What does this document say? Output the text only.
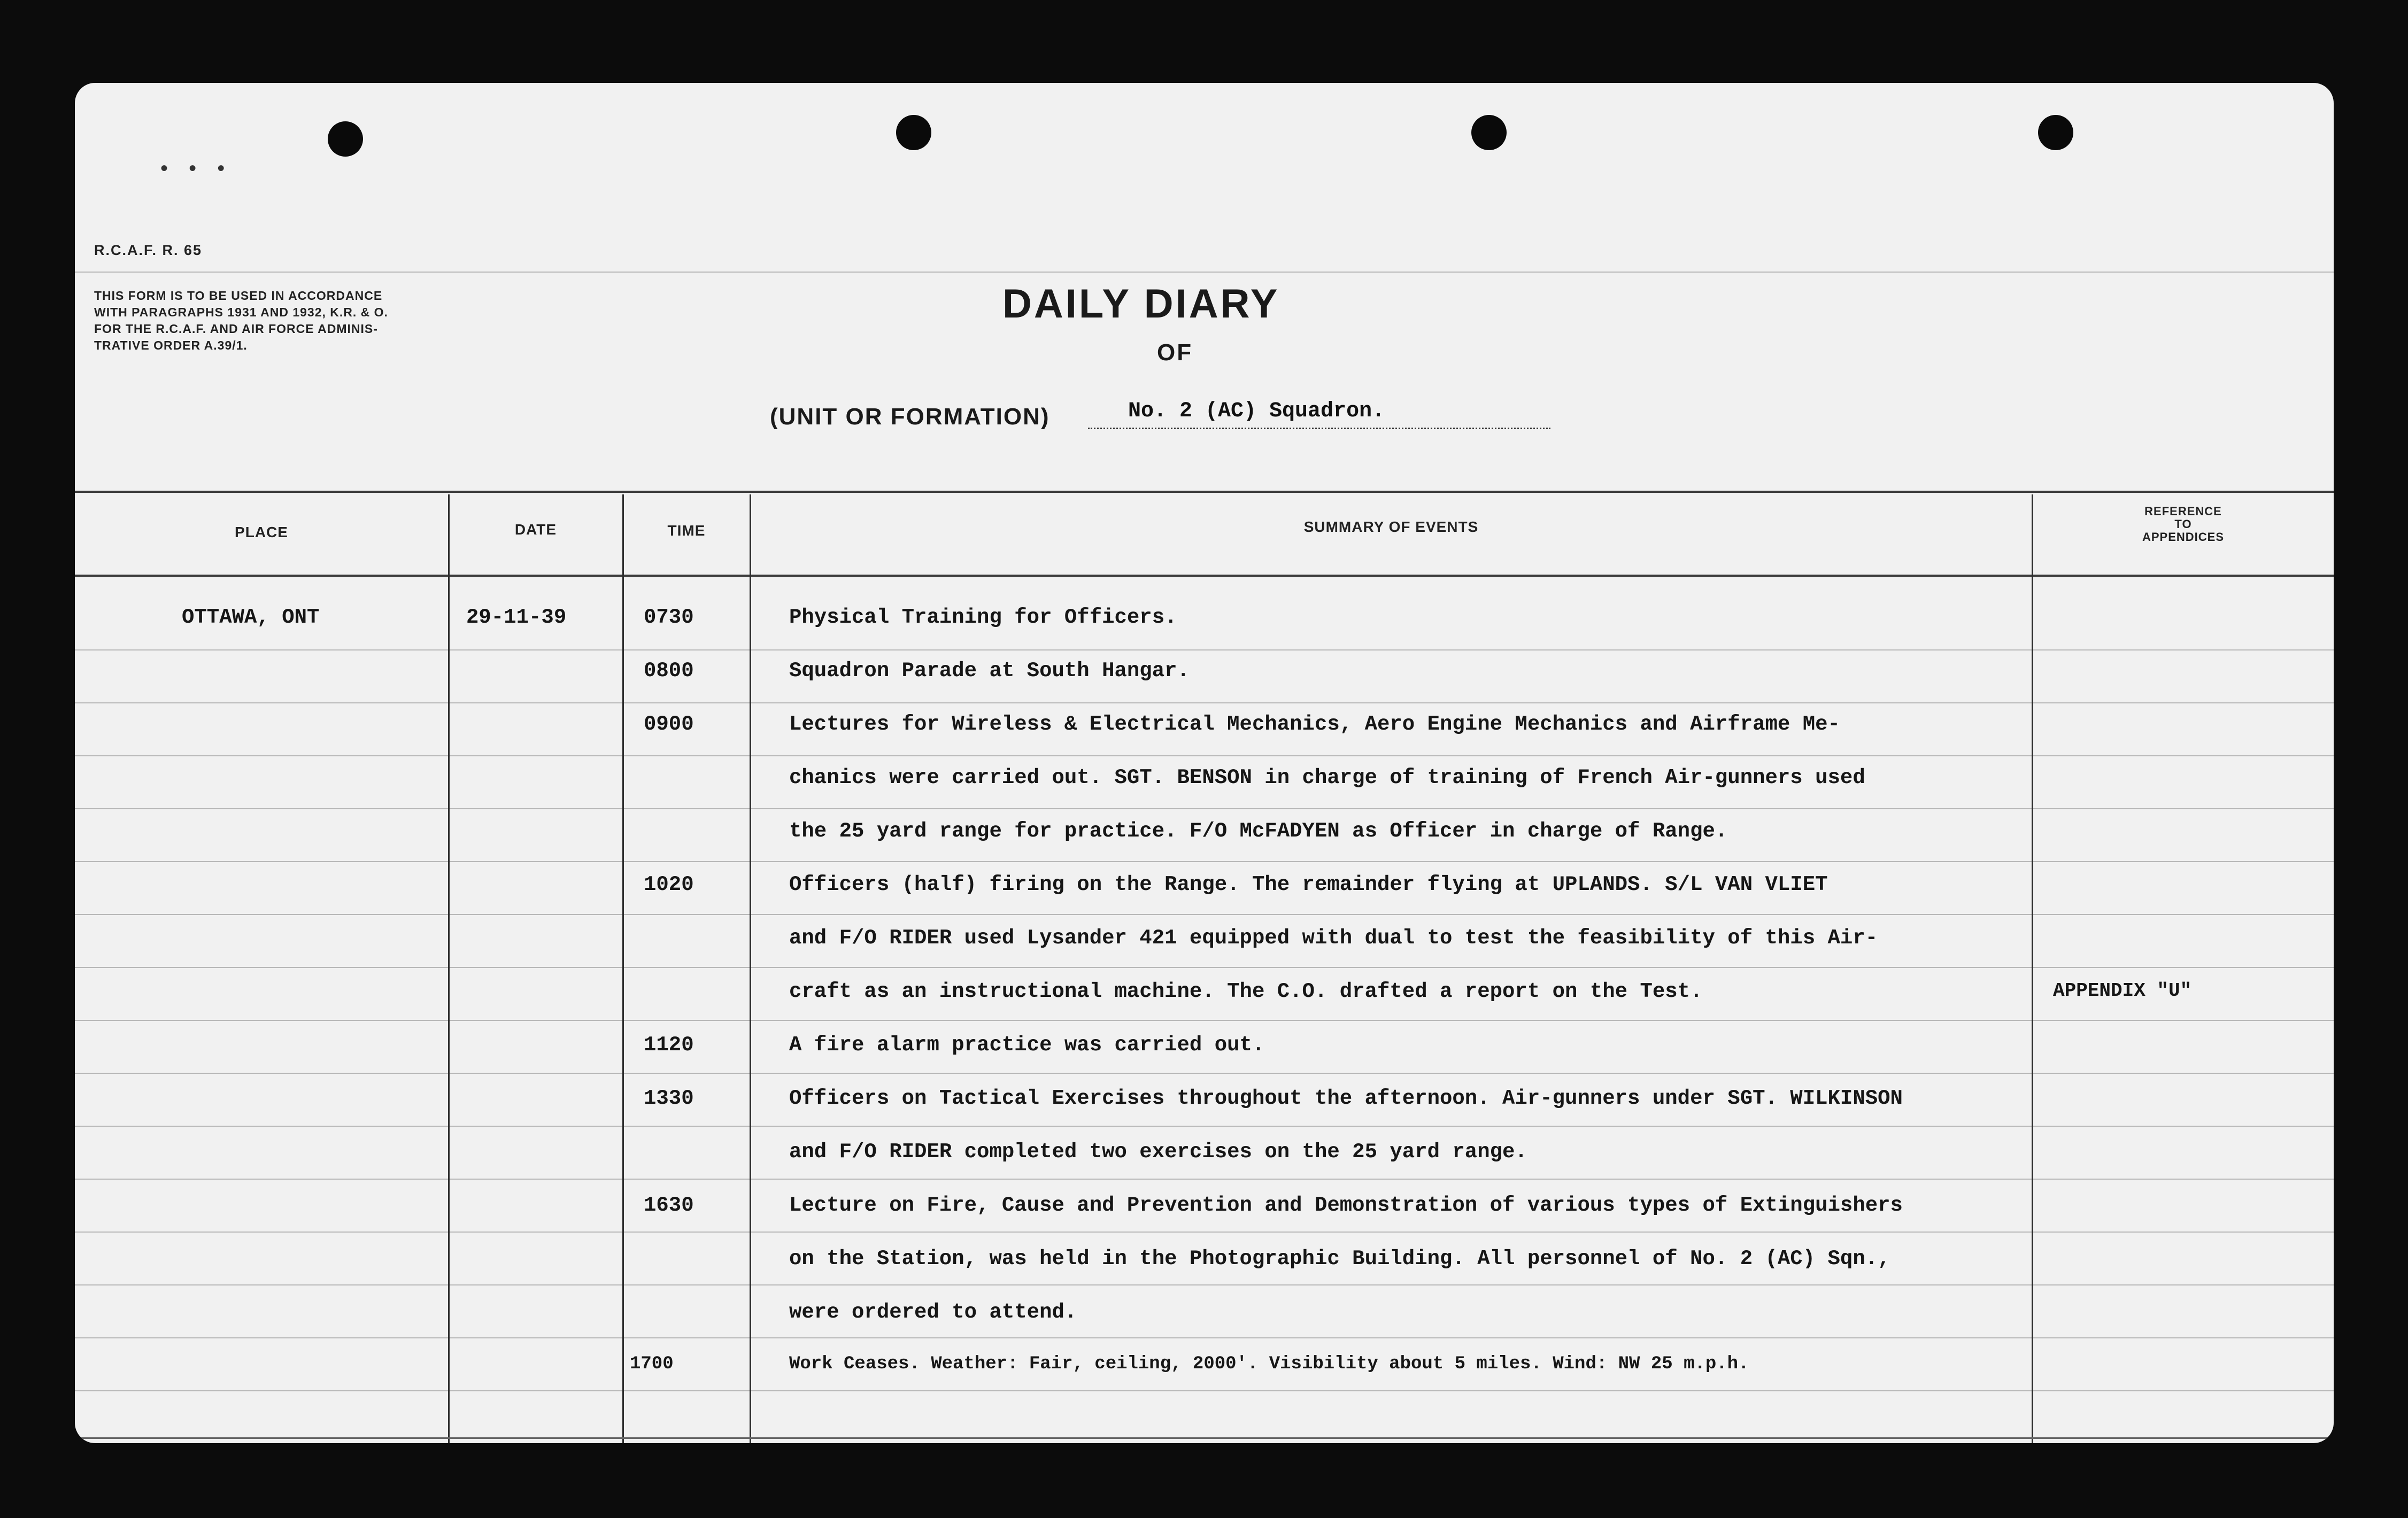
• • •
R.C.A.F. R. 65
THIS FORM IS TO BE USED IN ACCORDANCE
WITH PARAGRAPHS 1931 AND 1932, K.R. & O.
FOR THE R.C.A.F. AND AIR FORCE ADMINIS-
TRATIVE ORDER A.39/1.
DAILY DIARY
OF
(UNIT OR FORMATION)	No. 2 (AC) Squadron.
PLACE	DATE	TIME	SUMMARY OF EVENTS
REFERENCE
TO
APPENDICES
OTTAWA, ONT	29-11-39	0730	Physical Training for Officers.
0800	Squadron Parade at South Hangar.
0900	Lectures for Wireless & Electrical Mechanics, Aero Engine Mechanics and Airframe Me-
chanics were carried out. SGT. BENSON in charge of training of French Air-gunners used
the 25 yard range for practice. F/O McFADYEN as Officer in charge of Range.
1020	Officers (half) firing on the Range. The remainder flying at UPLANDS. S/L VAN VLIET
and F/O RIDER used Lysander 421 equipped with dual to test the feasibility of this Air-
craft as an instructional machine. The C.O. drafted a report on the Test.	APPENDIX "U"
1120	A fire alarm practice was carried out.
1330	Officers on Tactical Exercises throughout the afternoon. Air-gunners under SGT. WILKINSON
and F/O RIDER completed two exercises on the 25 yard range.
1630	Lecture on Fire, Cause and Prevention and Demonstration of various types of Extinguishers
on the Station, was held in the Photographic Building. All personnel of No. 2 (AC) Sqn.,
were ordered to attend.
1700	Work Ceases. Weather: Fair, ceiling, 2000'. Visibility about 5 miles. Wind: NW 25 m.p.h.
